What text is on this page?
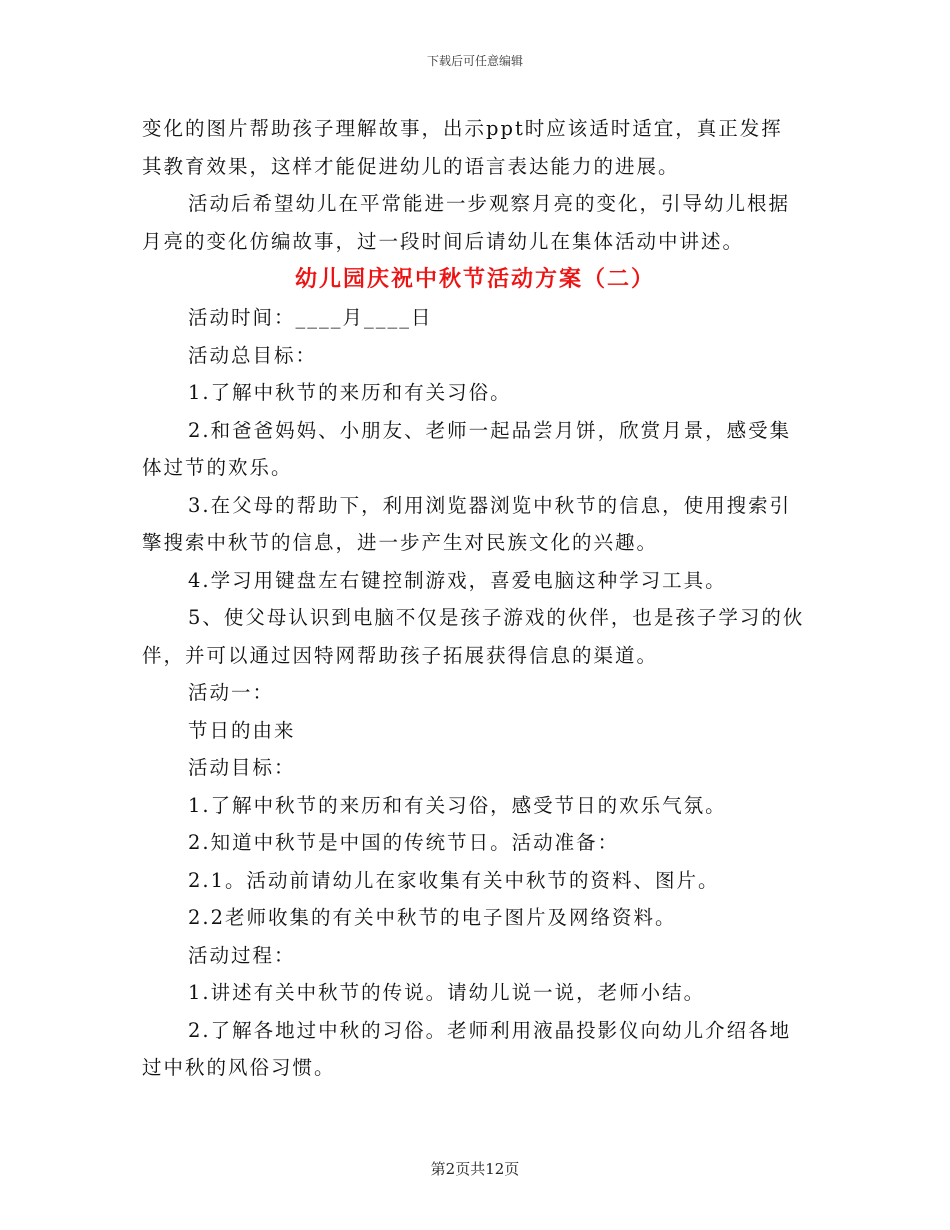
下载后可任意编辑
变化的图片帮助孩子理解故事，出示ppt时应该适时适宜，真正发挥
其教育效果，这样才能促进幼儿的语言表达能力的进展。
活动后希望幼儿在平常能进一步观察月亮的变化，引导幼儿根据
月亮的变化仿编故事，过一段时间后请幼儿在集体活动中讲述。
幼儿园庆祝中秋节活动方案（二）
活动时间：____月____日
活动总目标：
1.了解中秋节的来历和有关习俗。
2.和爸爸妈妈、小朋友、老师一起品尝月饼，欣赏月景，感受集
体过节的欢乐。
3.在父母的帮助下，利用浏览器浏览中秋节的信息，使用搜索引
擎搜索中秋节的信息，进一步产生对民族文化的兴趣。
4.学习用键盘左右键控制游戏，喜爱电脑这种学习工具。
5、使父母认识到电脑不仅是孩子游戏的伙伴，也是孩子学习的伙
伴，并可以通过因特网帮助孩子拓展获得信息的渠道。
活动一：
节日的由来
活动目标：
1.了解中秋节的来历和有关习俗，感受节日的欢乐气氛。
2.知道中秋节是中国的传统节日。活动准备：
2.1。活动前请幼儿在家收集有关中秋节的资料、图片。
2.2老师收集的有关中秋节的电子图片及网络资料。
活动过程：
1.讲述有关中秋节的传说。请幼儿说一说，老师小结。
2.了解各地过中秋的习俗。老师利用液晶投影仪向幼儿介绍各地
过中秋的风俗习惯。
第2页共12页
